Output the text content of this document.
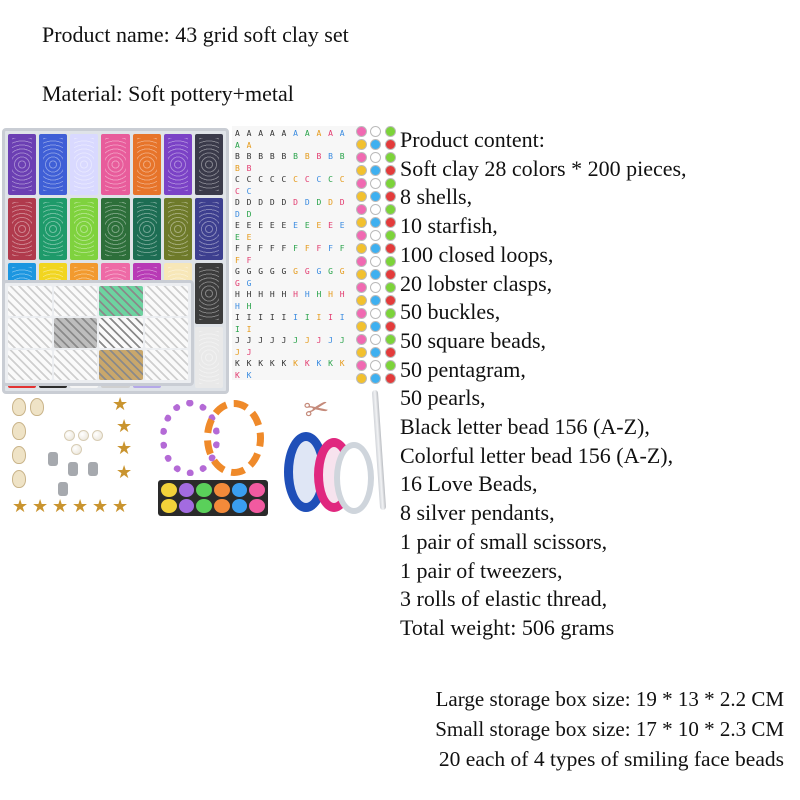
Product name: 43 grid soft clay set
Material: Soft pottery+metal
A A A A A A A A A A A A
B B B B B B B B B B B B
C C C C C C C C C C C C
D D D D D D D D D D D D
E E E E E E E E E E E E
F F F F F F F F F F F F
G G G G G G G G G G G G
H H H H H H H H H H H H
I I I I I I I I I I I I
J J J J J J J J J J J J
K K K K K K K K K K K K
★
★
★
★
★ ★ ★ ★ ★
★
✂
Product content:
Soft clay 28 colors * 200 pieces,
8 shells,
10 starfish,
100 closed loops,
20 lobster clasps,
50 buckles,
50 square beads,
50 pentagram,
50 pearls,
Black letter bead 156 (A-Z),
Colorful letter bead 156 (A-Z),
16 Love Beads,
8 silver pendants,
1 pair of small scissors,
1 pair of tweezers,
3 rolls of elastic thread,
Total weight: 506 grams
Large storage box size: 19 * 13 * 2.2 CM
Small storage box size: 17 * 10 * 2.3 CM
20 each of 4 types of smiling face beads
